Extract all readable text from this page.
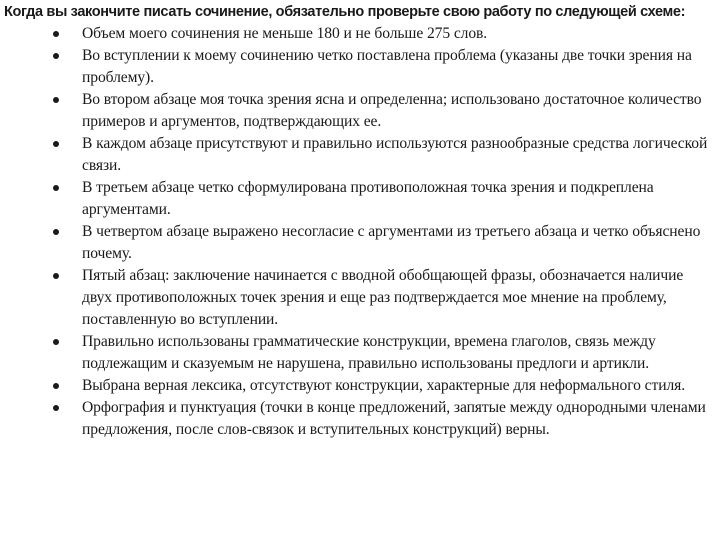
Когда вы закончите писать сочинение, обязательно проверьте свою работу по следующей схеме:
Объем моего сочинения не меньше 180 и не больше 275 слов.
Во вступлении к моему сочинению четко поставлена проблема (указаны две точки зрения на проблему).
Во втором абзаце моя точка зрения ясна и определенна; использовано достаточное количество примеров и аргументов, подтверждающих ее.
В каждом абзаце присутствуют и правильно используются разнообразные средства логической связи.
В третьем абзаце четко сформулирована противоположная точка зрения и подкреплена аргументами.
В четвертом абзаце выражено несогласие с аргументами из третьего абзаца и четко объяснено почему.
Пятый абзац: заключение начинается с вводной обобщающей фразы, обозначается наличие двух противоположных точек зрения и еще раз подтверждается мое мнение на проблему, поставленную во вступлении.
Правильно использованы грамматические конструкции, времена глаголов, связь между подлежащим и сказуемым не нарушена, правильно использованы предлоги и артикли.
Выбрана верная лексика, отсутствуют конструкции, характерные для неформального стиля.
Орфография и пунктуация (точки в конце предложений, запятые между однородными членами предложения, после слов-связок и вступительных конструкций) верны.
